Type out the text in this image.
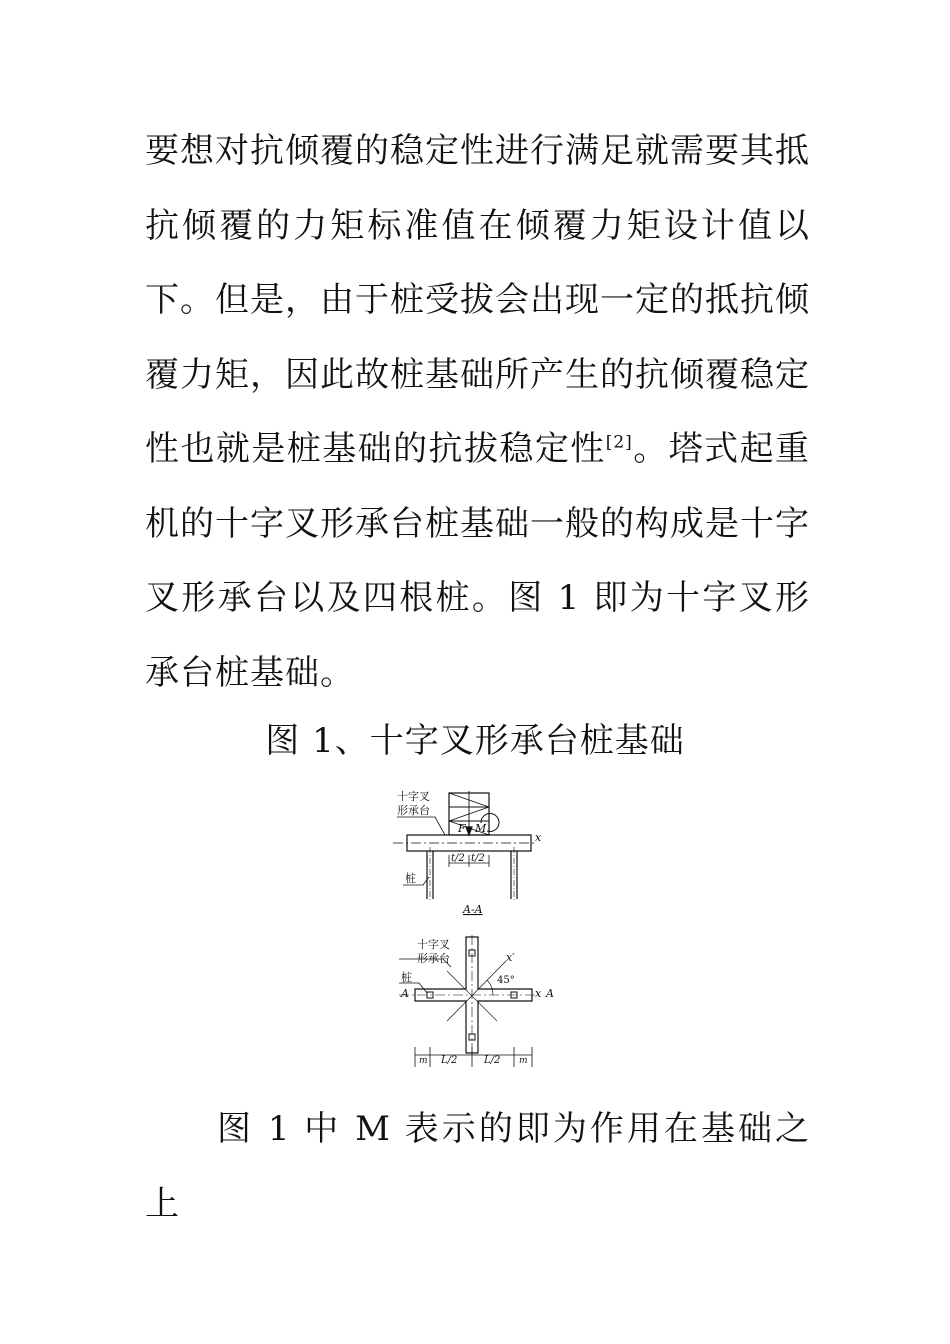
要想对抗倾覆的稳定性进行满足就需要其抵抗倾覆的力矩标准值在倾覆力矩设计值以下。但是，由于桩受拔会出现一定的抵抗倾覆力矩，因此故桩基础所产生的抗倾覆稳定性也就是桩基础的抗拔稳定性[2]。塔式起重机的十字叉形承台桩基础一般的构成是十字叉形承台以及四根桩。图 1 即为十字叉形承台桩基础。
图 1、十字叉形承台桩基础
十字叉
形承台
桩
F M
x
t/2 t/2
A-A
十字叉
形承台
桩
A	x A
x′
45°
m L/2	L/2 m
图 1 中 M 表示的即为作用在基础之上
